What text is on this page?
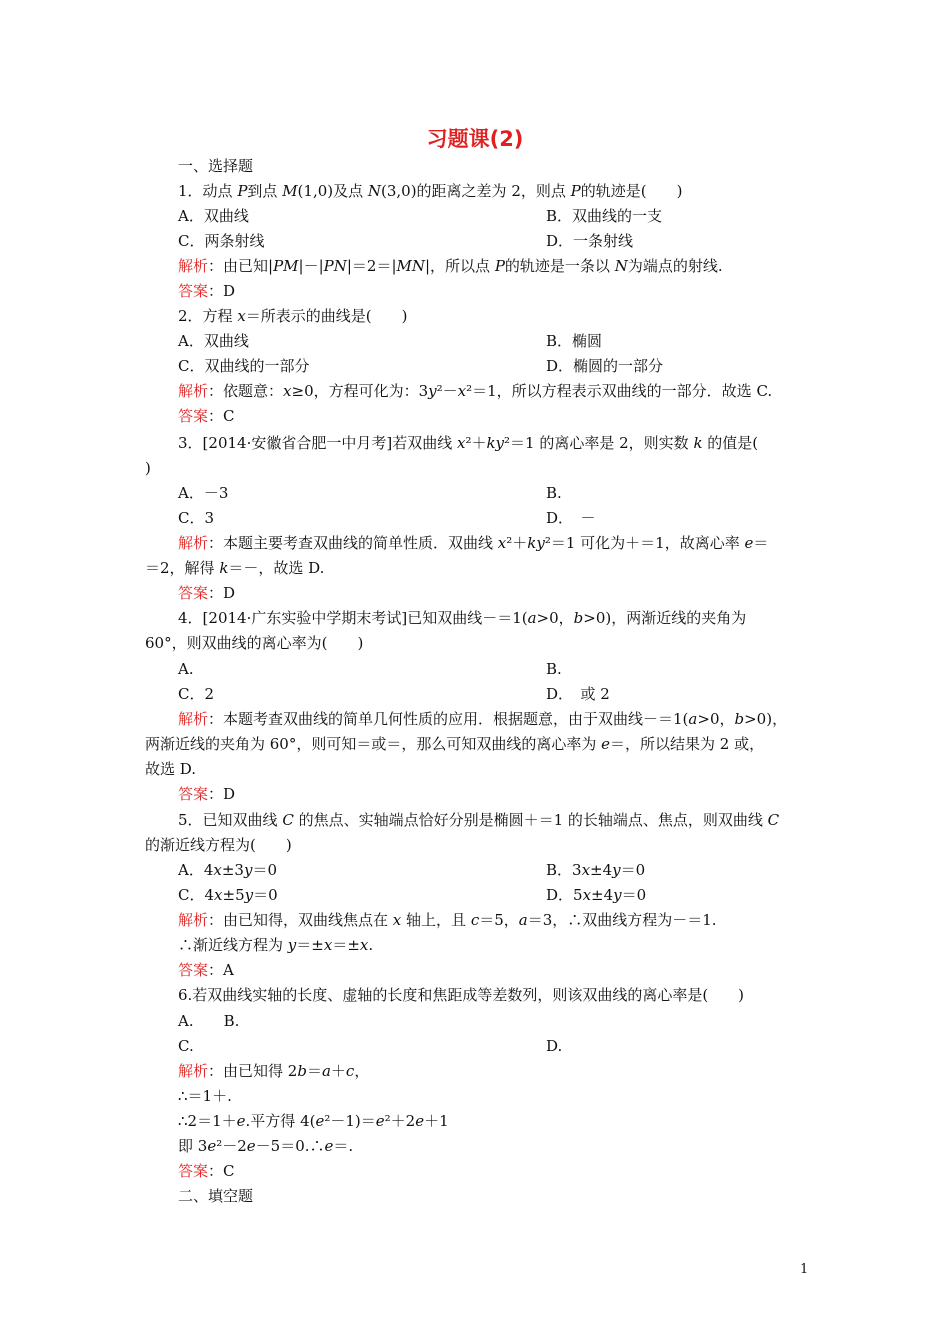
习题课(2)
一、选择题
1．动点 P到点 M(1,0)及点 N(3,0)的距离之差为 2，则点 P的轨迹是(　　)
A．双曲线	B．双曲线的一支
C．两条射线	D．一条射线
解析：由已知|PM|－|PN|＝2＝|MN|，所以点 P的轨迹是一条以 N为端点的射线.
答案：D
2．方程 x＝所表示的曲线是(　　)
A．双曲线	B．椭圆
C．双曲线的一部分	D．椭圆的一部分
解析：依题意：x≥0，方程可化为：3y²－x²＝1，所以方程表示双曲线的一部分．故选 C.
答案：C
3．[2014·安徽省合肥一中月考]若双曲线 x²＋ky²＝1 的离心率是 2，则实数 k 的值是(
)
A．－3	B.
C．3	D．　－
解析：本题主要考查双曲线的简单性质．双曲线 x²＋ky²＝1 可化为＋＝1，故离心率 e＝
＝2，解得 k＝－，故选 D.
答案：D
4．[2014·广东实验中学期末考试]已知双曲线－＝1(a>0，b>0)，两渐近线的夹角为
60°，则双曲线的离心率为(　　)
A.	B.
C．2	D．　或 2
解析：本题考查双曲线的简单几何性质的应用．根据题意，由于双曲线－＝1(a>0，b>0)，
两渐近线的夹角为 60°，则可知＝或＝，那么可知双曲线的离心率为 e＝，所以结果为 2 或，
故选 D.
答案：D
5．已知双曲线 C 的焦点、实轴端点恰好分别是椭圆＋＝1 的长轴端点、焦点，则双曲线 C
的渐近线方程为(　　)
A．4x±3y＝0	B．3x±4y＝0
C．4x±5y＝0	D．5x±4y＝0
解析：由已知得，双曲线焦点在 x 轴上，且 c＝5，a＝3，∴双曲线方程为－＝1.
∴渐近线方程为 y＝±x＝±x.
答案：A
6.若双曲线实轴的长度、虚轴的长度和焦距成等差数列，则该双曲线的离心率是(　　)
A.　　B.
C.	D.
解析：由已知得 2b＝a＋c，
∴＝1＋.
∴2＝1＋e.平方得 4(e²－1)＝e²＋2e＋1
即 3e²－2e－5＝0.∴e＝.
答案：C
二、填空题
1
